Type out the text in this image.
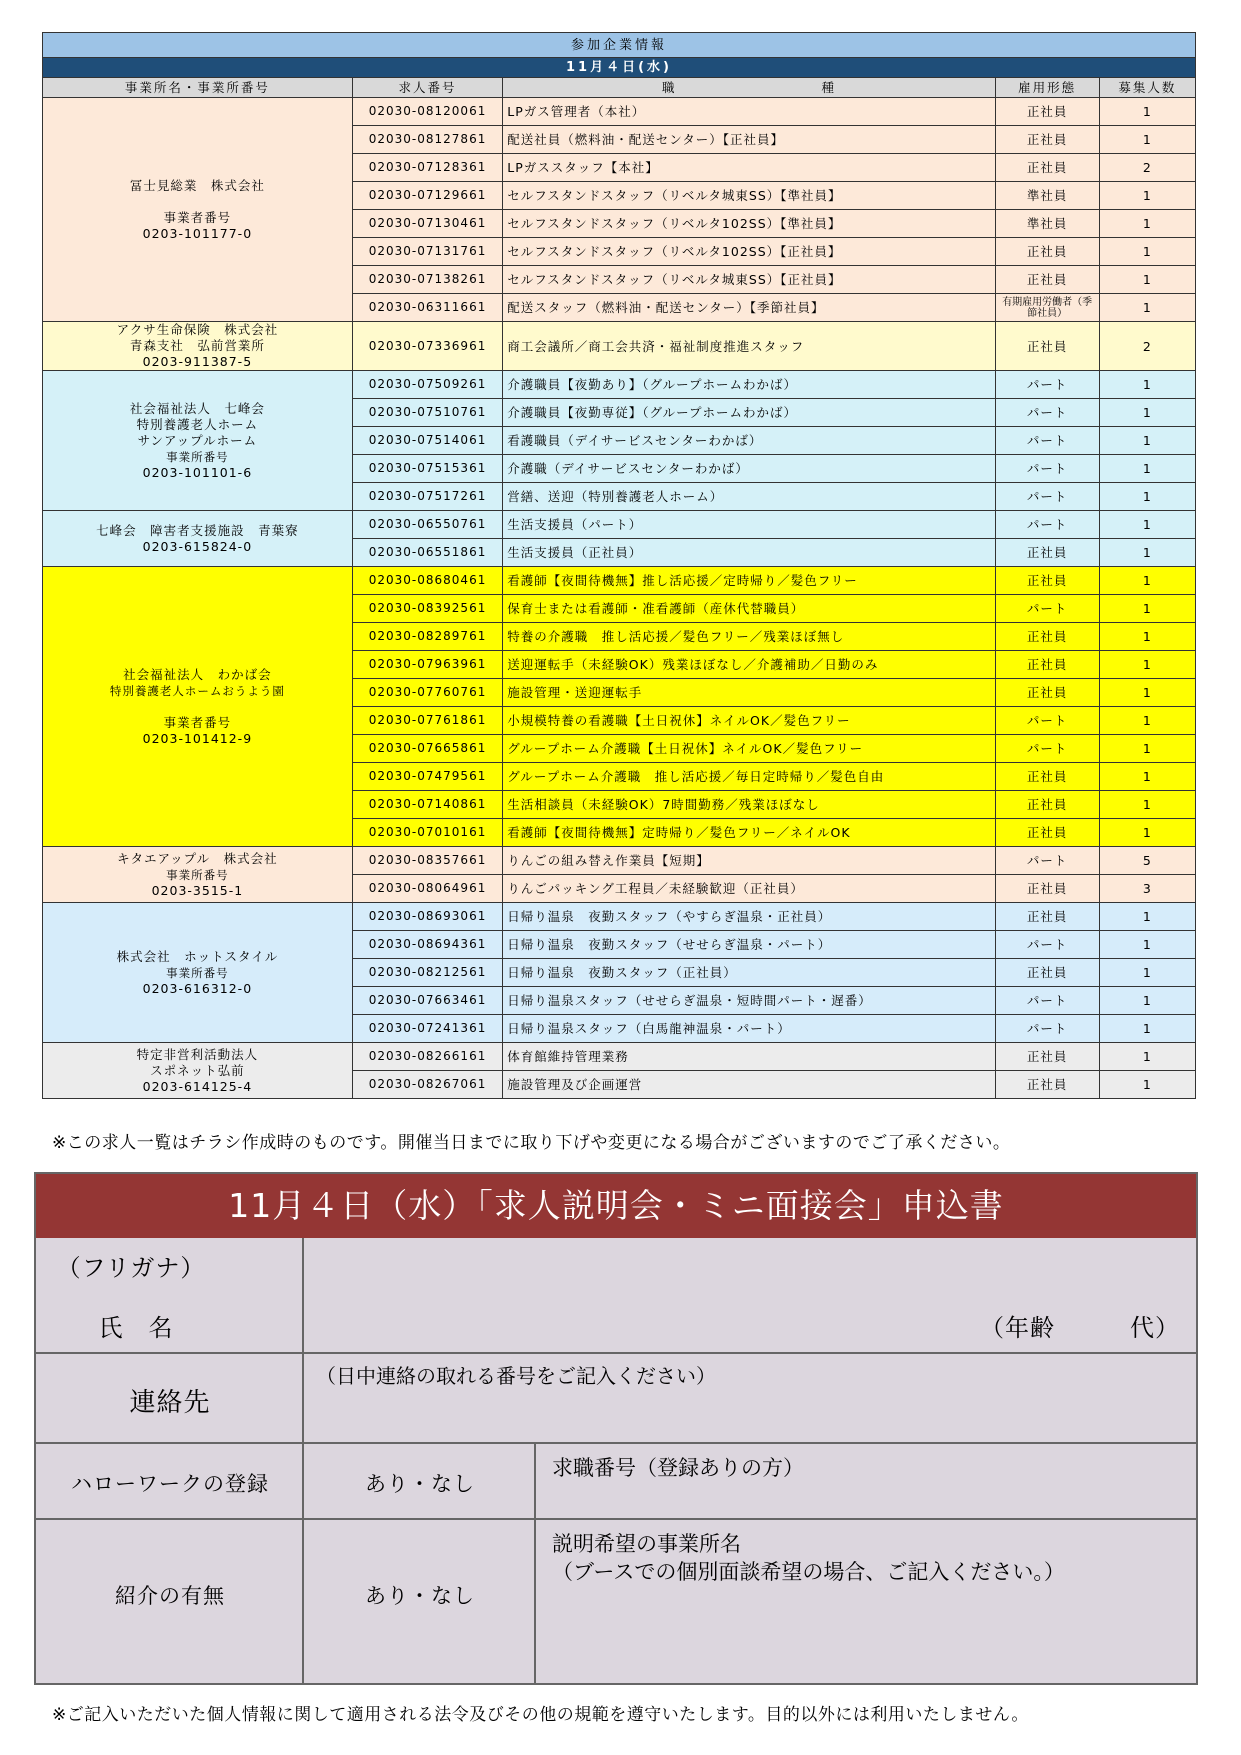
参加企業情報				
11月４日(水)				
事業所名・事業所番号	求人番号	職　　　　　　　　　　種	雇用形態	募集人数

冨士見総業　株式会社

事業者番号
0203-101177-0	02030-08120061	LPガス管理者（本社）	正社員	1
	02030-08127861	配送社員（燃料油・配送センター）【正社員】	正社員	1
	02030-07128361	LPガススタッフ【本社】	正社員	2
	02030-07129661	セルフスタンドスタッフ（リベルタ城東SS）【準社員】	準社員	1
	02030-07130461	セルフスタンドスタッフ（リベルタ102SS）【準社員】	準社員	1
	02030-07131761	セルフスタンドスタッフ（リベルタ102SS）【正社員】	正社員	1
	02030-07138261	セルフスタンドスタッフ（リベルタ城東SS）【正社員】	正社員	1
	02030-06311661	配送スタッフ（燃料油・配送センター）【季節社員】	有期雇用労働者（季節社員）	1

アクサ生命保険　株式会社
青森支社　弘前営業所
0203-911387-5	02030-07336961	商工会議所／商工会共済・福祉制度推進スタッフ	正社員	2

社会福祉法人　七峰会
特別養護老人ホーム
サンアップルホーム
事業所番号
0203-101101-6	02030-07509261	介護職員【夜勤あり】（グループホームわかば）	パート	1
	02030-07510761	介護職員【夜勤専従】（グループホームわかば）	パート	1
	02030-07514061	看護職員（デイサービスセンターわかば）	パート	1
	02030-07515361	介護職（デイサービスセンターわかば）	パート	1
	02030-07517261	営繕、送迎（特別養護老人ホーム）	パート	1

七峰会　障害者支援施設　青葉寮
0203-615824-0	02030-06550761	生活支援員（パート）	パート	1
	02030-06551861	生活支援員（正社員）	正社員	1

社会福祉法人　わかば会
特別養護老人ホームおうよう園

事業者番号
0203-101412-9	02030-08680461	看護師【夜間待機無】推し活応援／定時帰り／髪色フリー	正社員	1
	02030-08392561	保育士または看護師・准看護師（産休代替職員）	パート	1
	02030-08289761	特養の介護職　推し活応援／髪色フリー／残業ほぼ無し	正社員	1
	02030-07963961	送迎運転手（未経験OK）残業ほぼなし／介護補助／日勤のみ	正社員	1
	02030-07760761	施設管理・送迎運転手	正社員	1
	02030-07761861	小規模特養の看護職【土日祝休】ネイルOK／髪色フリー	パート	1
	02030-07665861	グループホーム介護職【土日祝休】ネイルOK／髪色フリー	パート	1
	02030-07479561	グループホーム介護職　推し活応援／毎日定時帰り／髪色自由	正社員	1
	02030-07140861	生活相談員（未経験OK）7時間勤務／残業ほぼなし	正社員	1
	02030-07010161	看護師【夜間待機無】定時帰り／髪色フリー／ネイルOK	正社員	1

キタエアップル　株式会社
事業所番号
0203-3515-1	02030-08357661	りんごの組み替え作業員【短期】	パート	5
	02030-08064961	りんごパッキング工程員／未経験歓迎（正社員）	正社員	3

株式会社　ホットスタイル
事業所番号
0203-616312-0	02030-08693061	日帰り温泉　夜勤スタッフ（やすらぎ温泉・正社員）	正社員	1
	02030-08694361	日帰り温泉　夜勤スタッフ（せせらぎ温泉・パート）	パート	1
	02030-08212561	日帰り温泉　夜勤スタッフ（正社員）	正社員	1
	02030-07663461	日帰り温泉スタッフ（せせらぎ温泉・短時間パート・遅番）	パート	1
	02030-07241361	日帰り温泉スタッフ（白馬龍神温泉・パート）	パート	1

特定非営利活動法人
スポネット弘前
0203-614125-4	02030-08266161	体育館維持管理業務	正社員	1
	02030-08267061	施設管理及び企画運営	正社員	1
※この求人一覧はチラシ作成時のものです。開催当日までに取り下げや変更になる場合がございますのでご了承ください。
11月４日（水）「求人説明会・ミニ面接会」申込書
（フリガナ）
氏　名	（年齢　　　代）
連絡先
（日中連絡の取れる番号をご記入ください）
ハローワークの登録	あり・なし
求職番号（登録ありの方）
紹介の有無	あり・なし
説明希望の事業所名
（ブースでの個別面談希望の場合、ご記入ください。）
※ご記入いただいた個人情報に関して適用される法令及びその他の規範を遵守いたします。目的以外には利用いたしません。
